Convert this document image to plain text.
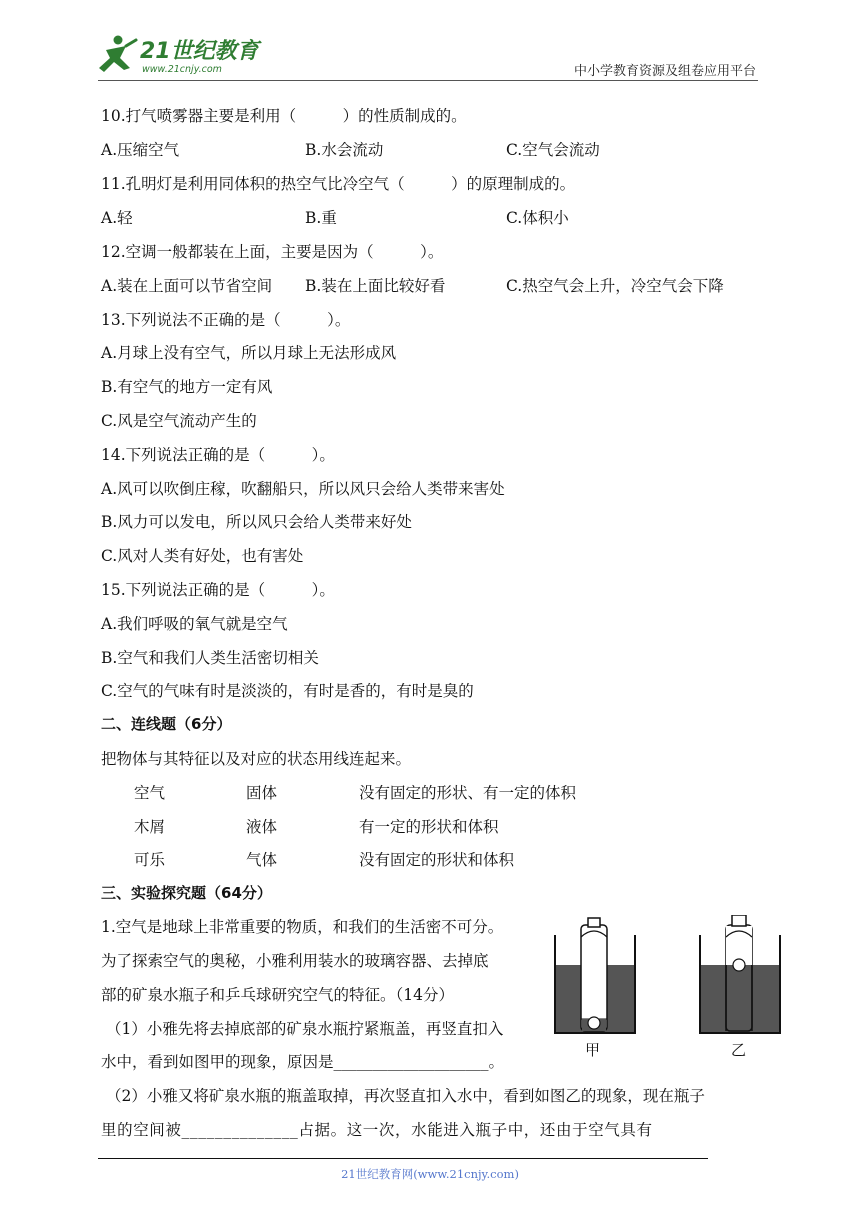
21世纪教育
www.21cnjy.com	中小学教育资源及组卷应用平台
10.打气喷雾器主要是利用（　　　）的性质制成的。
A.压缩空气	B.水会流动	C.空气会流动
11.孔明灯是利用同体积的热空气比冷空气（　　　）的原理制成的。
A.轻	B.重	C.体积小
12.空调一般都装在上面，主要是因为（　　　）。
A.装在上面可以节省空间 B.装在上面比较好看	C.热空气会上升，冷空气会下降
13.下列说法不正确的是（　　　）。
A.月球上没有空气，所以月球上无法形成风
B.有空气的地方一定有风
C.风是空气流动产生的
14.下列说法正确的是（　　　）。
A.风可以吹倒庄稼，吹翻船只，所以风只会给人类带来害处
B.风力可以发电，所以风只会给人类带来好处
C.风对人类有好处，也有害处
15.下列说法正确的是（　　　）。
A.我们呼吸的氧气就是空气
B.空气和我们人类生活密切相关
C.空气的气味有时是淡淡的，有时是香的，有时是臭的
二、连线题（6分）
把物体与其特征以及对应的状态用线连起来。
空气	固体	没有固定的形状、有一定的体积
木屑	液体	有一定的形状和体积
可乐	气体	没有固定的形状和体积
三、实验探究题（64分）
1.空气是地球上非常重要的物质，和我们的生活密不可分。
为了探索空气的奥秘，小雅利用装水的玻璃容器、去掉底
部的矿泉水瓶子和乒乓球研究空气的特征。（14分）
（1）小雅先将去掉底部的矿泉水瓶拧紧瓶盖，再竖直扣入
水中，看到如图甲的现象，原因是____________________。
（2）小雅又将矿泉水瓶的瓶盖取掉，再次竖直扣入水中，看到如图乙的现象，现在瓶子
里的空间被______________占据。这一次，水能进入瓶子中，还由于空气具有
甲	乙
21世纪教育网(www.21cnjy.com)
